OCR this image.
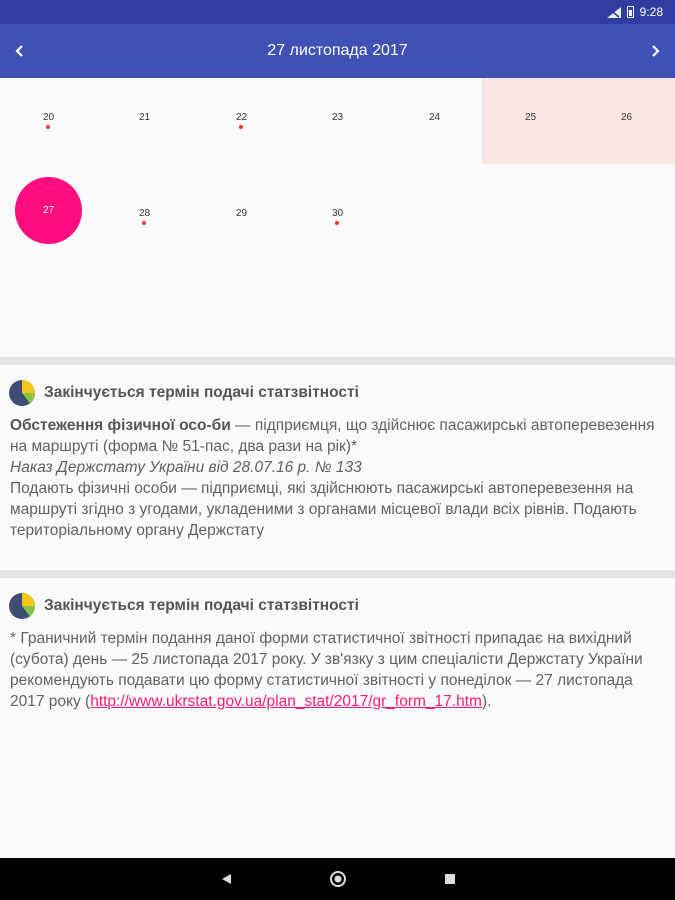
9:28
27 листопада 2017
20	21	22	23	24	25	26
27	28	29	30
Закінчується термін подачі статзвітності

Обстеження фізичної осо-би — підприємця, що здійснює пасажирські автоперевезення на маршруті (форма № 51-пас, два рази на рік)*

Наказ Держстату України від 28.07.16 р. № 133

Подають фізичні особи — підприємці, які здійснюють пасажирські автоперевезення на маршруті згідно з угодами, укладеними з органами місцевої влади всіх рівнів. Подають територіальному органу Держстату

Закінчується термін подачі статзвітності
* Граничний термін подання даної форми статистичної звітності припадає на вихідний (субота) день — 25 листопада 2017 року. У зв'язку з цим спеціалісти Держстату України рекомендують подавати цю форму статистичної звітності у понеділок — 27 листопада 2017 року (http://www.ukrstat.gov.ua/plan_stat/2017/gr_form_17.htm).
